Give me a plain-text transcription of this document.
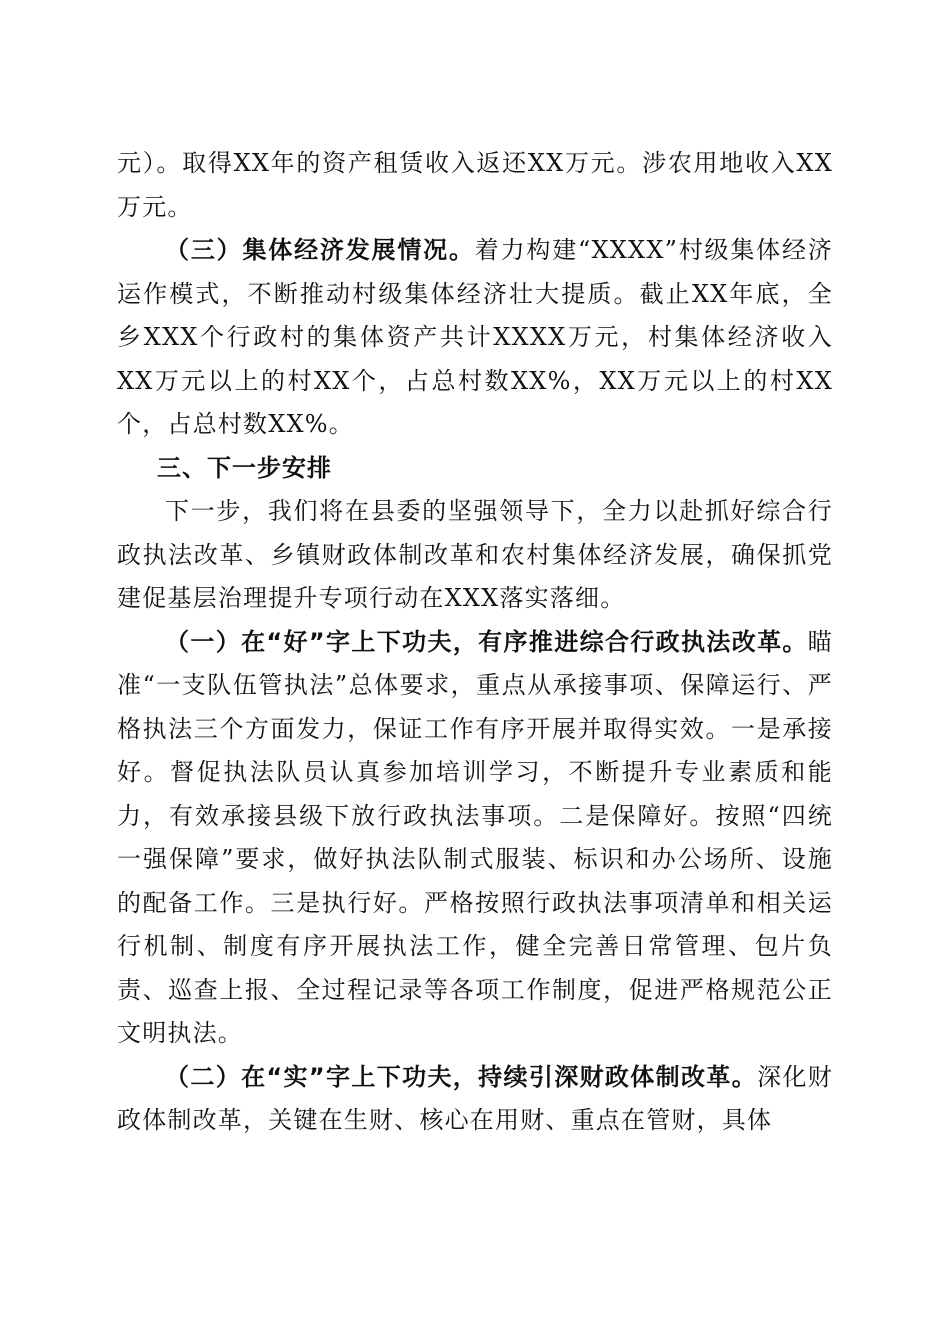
元）。取得XX年的资产租赁收入返还XX万元。涉农用地收入XX万元。

（三）集体经济发展情况。着力构建“XXXX”村级集体经济运作模式，不断推动村级集体经济壮大提质。截止XX年底，全乡XXX个行政村的集体资产共计XXXX万元，村集体经济收入XX万元以上的村XX个，占总村数XX%，XX万元以上的村XX个，占总村数XX%。

三、下一步安排

下一步，我们将在县委的坚强领导下，全力以赴抓好综合行政执法改革、乡镇财政体制改革和农村集体经济发展，确保抓党建促基层治理提升专项行动在XXX落实落细。

（一）在“好”字上下功夫，有序推进综合行政执法改革。瞄准“一支队伍管执法”总体要求，重点从承接事项、保障运行、严格执法三个方面发力，保证工作有序开展并取得实效。一是承接好。督促执法队员认真参加培训学习，不断提升专业素质和能力，有效承接县级下放行政执法事项。二是保障好。按照“四统一强保障”要求，做好执法队制式服装、标识和办公场所、设施的配备工作。三是执行好。严格按照行政执法事项清单和相关运行机制、制度有序开展执法工作，健全完善日常管理、包片负责、巡查上报、全过程记录等各项工作制度，促进严格规范公正文明执法。

（二）在“实”字上下功夫，持续引深财政体制改革。深化财政体制改革，关键在生财、核心在用财、重点在管财，具体
